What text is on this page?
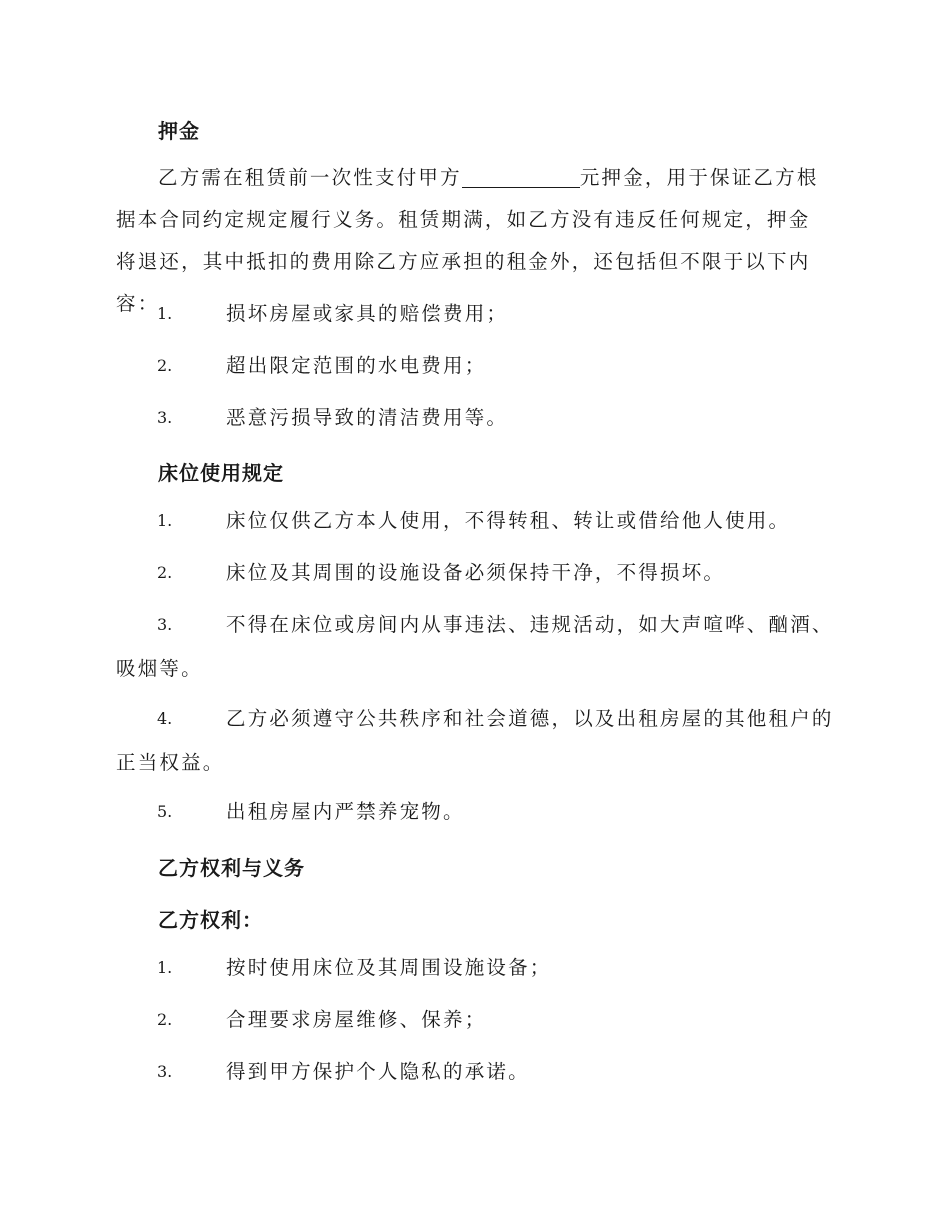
押金

乙方需在租赁前一次性支付甲方	元押金，用于保证乙方根据本合同约定规定履行义务。租赁期满，如乙方没有违反任何规定，押金将退还，其中抵扣的费用除乙方应承担的租金外，还包括但不限于以下内容：

1.	损坏房屋或家具的赔偿费用；
2.	超出限定范围的水电费用；
3.	恶意污损导致的清洁费用等。
床位使用规定
1.	床位仅供乙方本人使用，不得转租、转让或借给他人使用。
2.	床位及其周围的设施设备必须保持干净，不得损坏。
3.	不得在床位或房间内从事违法、违规活动，如大声喧哗、酗酒、吸烟等。
4.	乙方必须遵守公共秩序和社会道德，以及出租房屋的其他租户的正当权益。
5.	出租房屋内严禁养宠物。
乙方权利与义务
乙方权利：
1.	按时使用床位及其周围设施设备；
2.	合理要求房屋维修、保养；
3.	得到甲方保护个人隐私的承诺。
